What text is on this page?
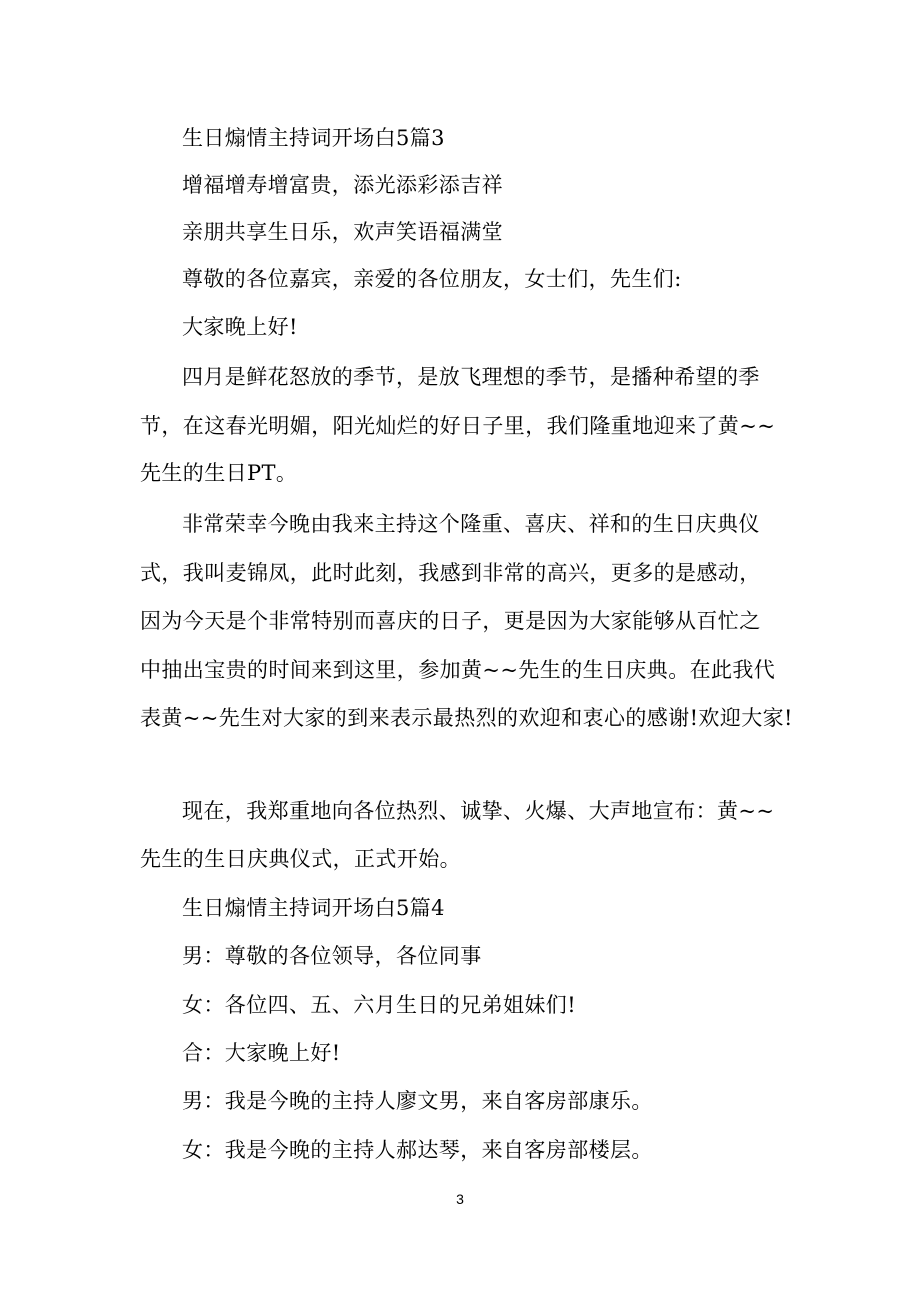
生日煽情主持词开场白5篇3
增福增寿增富贵，添光添彩添吉祥
亲朋共享生日乐，欢声笑语福满堂
尊敬的各位嘉宾，亲爱的各位朋友，女士们，先生们:
大家晚上好!
四月是鲜花怒放的季节，是放飞理想的季节，是播种希望的季
节，在这春光明媚，阳光灿烂的好日子里，我们隆重地迎来了黄~~
先生的生日PT。
非常荣幸今晚由我来主持这个隆重、喜庆、祥和的生日庆典仪
式，我叫麦锦凤，此时此刻，我感到非常的高兴，更多的是感动，
因为今天是个非常特别而喜庆的日子，更是因为大家能够从百忙之
中抽出宝贵的时间来到这里，参加黄~~先生的生日庆典。在此我代
表黄~~先生对大家的到来表示最热烈的欢迎和衷心的感谢!欢迎大家!
现在，我郑重地向各位热烈、诚挚、火爆、大声地宣布：黄~~
先生的生日庆典仪式，正式开始。
生日煽情主持词开场白5篇4
男：尊敬的各位领导，各位同事
女：各位四、五、六月生日的兄弟姐妹们!
合：大家晚上好!
男：我是今晚的主持人廖文男，来自客房部康乐。
女：我是今晚的主持人郝达琴，来自客房部楼层。
3
